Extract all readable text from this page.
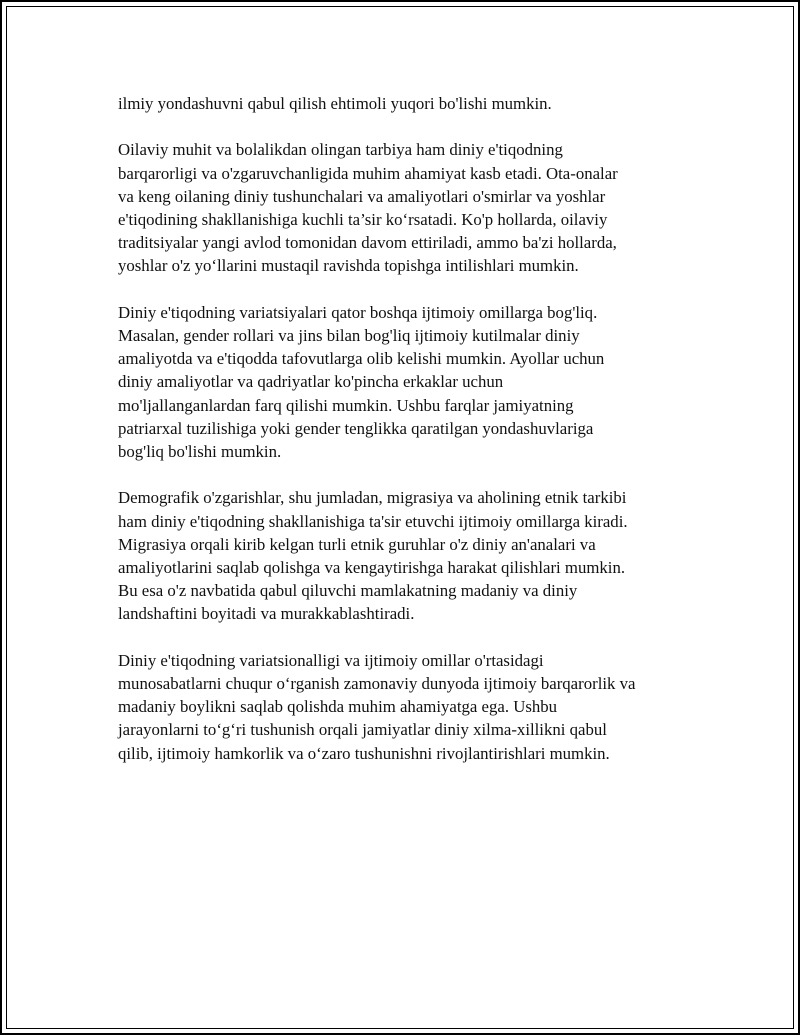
ilmiy yondashuvni qabul qilish ehtimoli yuqori bo'lishi mumkin.

Oilaviy muhit va bolalikdan olingan tarbiya ham diniy e'tiqodning
barqarorligi va o'zgaruvchanligida muhim ahamiyat kasb etadi. Ota-onalar
va keng oilaning diniy tushunchalari va amaliyotlari o'smirlar va yoshlar
e'tiqodining shakllanishiga kuchli ta’sir ko‘rsatadi. Ko'p hollarda, oilaviy
traditsiyalar yangi avlod tomonidan davom ettiriladi, ammo ba'zi hollarda,
yoshlar o'z yo‘llarini mustaqil ravishda topishga intilishlari mumkin.

Diniy e'tiqodning variatsiyalari qator boshqa ijtimoiy omillarga bog'liq.
Masalan, gender rollari va jins bilan bog'liq ijtimoiy kutilmalar diniy
amaliyotda va e'tiqodda tafovutlarga olib kelishi mumkin. Ayollar uchun
diniy amaliyotlar va qadriyatlar ko'pincha erkaklar uchun
mo'ljallanganlardan farq qilishi mumkin. Ushbu farqlar jamiyatning
patriarxal tuzilishiga yoki gender tenglikka qaratilgan yondashuvlariga
bog'liq bo'lishi mumkin.

Demografik o'zgarishlar, shu jumladan, migrasiya va aholining etnik tarkibi
ham diniy e'tiqodning shakllanishiga ta'sir etuvchi ijtimoiy omillarga kiradi.
Migrasiya orqali kirib kelgan turli etnik guruhlar o'z diniy an'analari va
amaliyotlarini saqlab qolishga va kengaytirishga harakat qilishlari mumkin.
Bu esa o'z navbatida qabul qiluvchi mamlakatning madaniy va diniy
landshaftini boyitadi va murakkablashtiradi.

Diniy e'tiqodning variatsionalligi va ijtimoiy omillar o'rtasidagi
munosabatlarni chuqur o‘rganish zamonaviy dunyoda ijtimoiy barqarorlik va
madaniy boylikni saqlab qolishda muhim ahamiyatga ega. Ushbu
jarayonlarni to‘g‘ri tushunish orqali jamiyatlar diniy xilma-xillikni qabul
qilib, ijtimoiy hamkorlik va o‘zaro tushunishni rivojlantirishlari mumkin.
